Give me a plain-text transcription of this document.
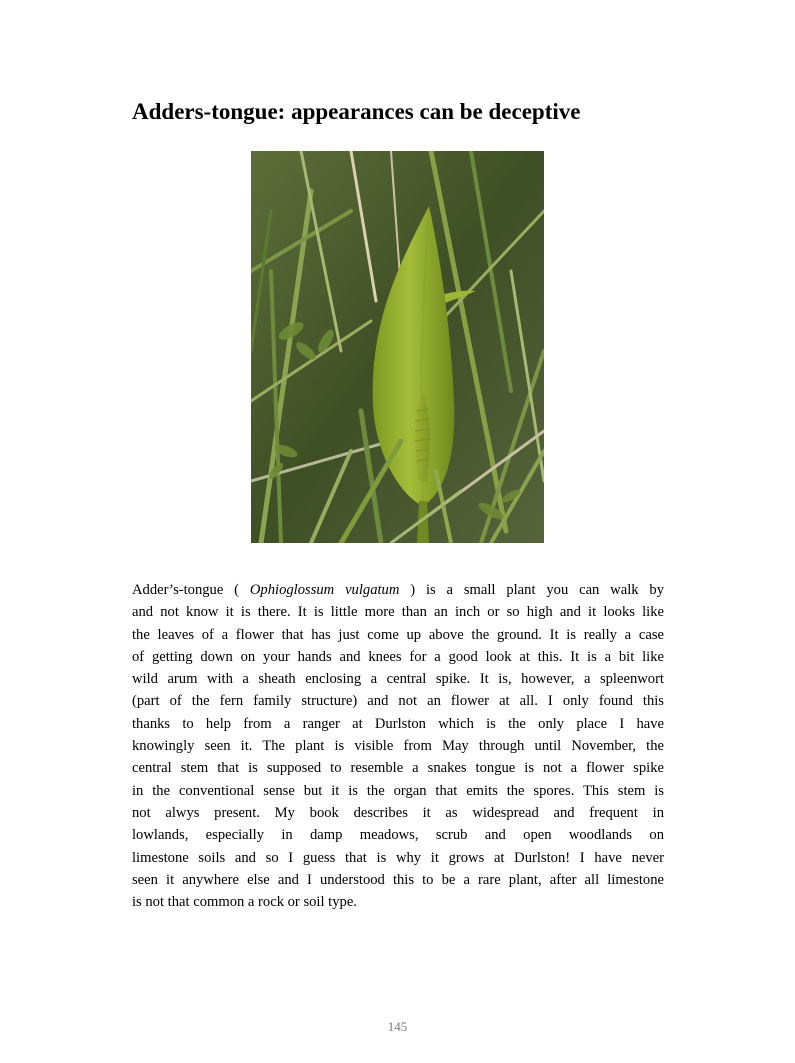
Adders-tongue: appearances can be deceptive
Adder’s-tongue ( Ophioglossum vulgatum ) is a small plant you can walk by
and not know it is there. It is little more than an inch or so high and it looks like
the leaves of a flower that has just come up above the ground. It is really a case
of getting down on your hands and knees for a good look at this. It is a bit like
wild arum with a sheath enclosing a central spike. It is, however, a spleenwort
(part of the fern family structure) and not an flower at all. I only found this
thanks to help from a ranger at Durlston which is the only place I have
knowingly seen it. The plant is visible from May through until November, the
central stem that is supposed to resemble a snakes tongue is not a flower spike
in the conventional sense but it is the organ that emits the spores. This stem is
not alwys present. My book describes it as widespread and frequent in
lowlands, especially in damp meadows, scrub and open woodlands on
limestone soils and so I guess that is why it grows at Durlston! I have never
seen it anywhere else and I understood this to be a rare plant, after all limestone
is not that common a rock or soil type.
145
